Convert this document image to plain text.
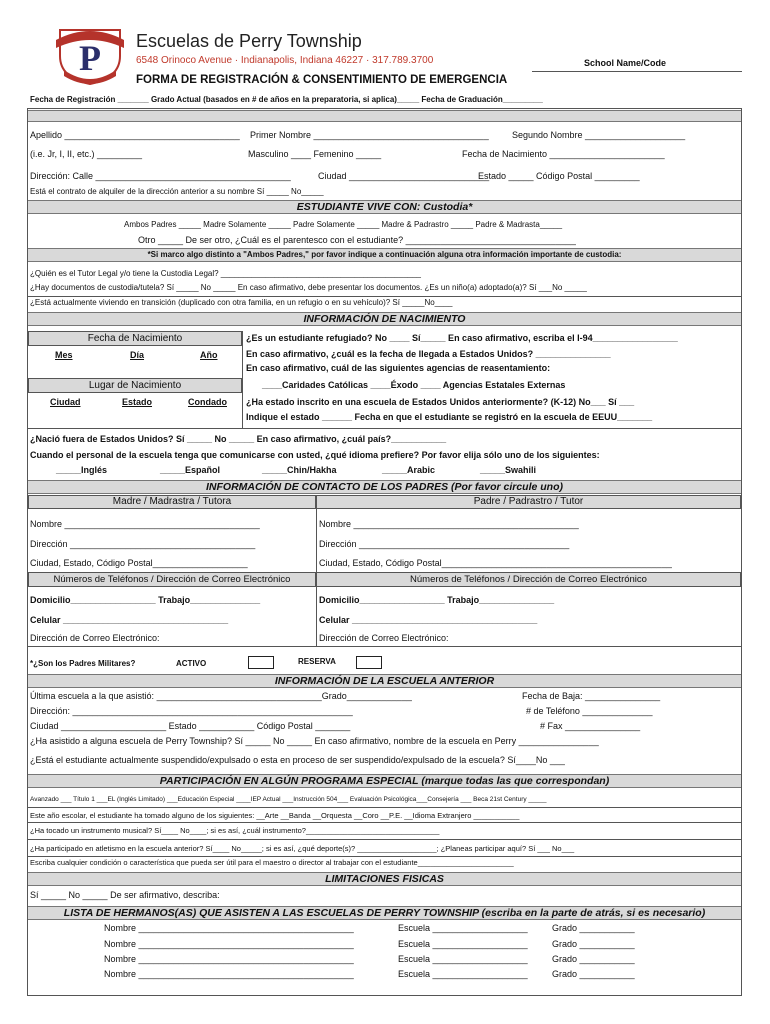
P Escuelas de Perry Township
6548 Orinoco Avenue · Indianapolis, Indiana 46227 · 317.789.3700	School Name/Code
FORMA DE REGISTRACIÓN & CONSENTIMIENTO DE EMERGENCIA
Fecha de Registración _______ Grado Actual (basados en # de años en la preparatoria, si aplica)_____ Fecha de Graduación_________
Apellido ___________________________________ Primer Nombre ___________________________________	Segundo Nombre ____________________
(i.e. Jr, I, II, etc.) _________	Masculino ____ Femenino _____	Fecha de Nacimiento _______________________
Dirección: Calle _______________________________________	Ciudad ____________________________
Estado _____ Código Postal _________
Está el contrato de alquiler de la dirección anterior a su nombre Sí _____ No_____
ESTUDIANTE VIVE CON: Custodia*
Ambos Padres _____ Madre Solamente _____ Padre Solamente _____ Madre & Padrastro _____ Padre & Madrasta_____
Otro _____ De ser otro, ¿Cuál es el parentesco con el estudiante? __________________________________
*Si marco algo distinto a "Ambos Padres," por favor indique a continuación alguna otra información importante de custodia:
¿Quién es el Tutor Legal y/o tiene la Custodia Legal? _____________________________________________
¿Hay documentos de custodia/tutela? Sí _____ No _____ En caso afirmativo, debe presentar los documentos. ¿Es un niño(a) adoptado(a)? Sí ___No _____
¿Está actualmente viviendo en transición (duplicado con otra familia, en un refugio o en su vehículo)? Sí _____No____
INFORMACIÓN DE NACIMIENTO
Fecha de Nacimiento
Mes	Día	Año
Lugar de Nacimiento
Ciudad	Estado	Condado
¿Es un estudiante refugiado? No ____ Sí_____ En caso afirmativo, escriba el I-94_________________
En caso afirmativo, ¿cuál es la fecha de llegada a Estados Unidos? _______________
En caso afirmativo, cuál de las siguientes agencias de reasentamiento:
____Caridades Católicas ____Éxodo ____ Agencias Estatales Externas
¿Ha estado inscrito en una escuela de Estados Unidos anteriormente? (K-12) No___ Sí ___
Indique el estado ______ Fecha en que el estudiante se registró en la escuela de EEUU_______
¿Nació fuera de Estados Unidos? Sí _____ No _____ En caso afirmativo, ¿cuál país?___________
Cuando el personal de la escuela tenga que comunicarse con usted, ¿qué idioma prefiere? Por favor elija sólo uno de los siguientes:
_____Inglés	_____Español	_____Chin/Hakha	_____Arabic	_____Swahili
INFORMACIÓN DE CONTACTO DE LOS PADRES (Por favor circule uno)
Madre / Madrastra / Tutora	Padre / Padrastro / Tutor
Nombre _______________________________________	Nombre _____________________________________________
Dirección _____________________________________	Dirección __________________________________________
Ciudad, Estado, Código Postal___________________	Ciudad, Estado, Código Postal______________________________________________
Números de Teléfonos / Dirección de Correo Electrónico	Números de Teléfonos / Dirección de Correo Electrónico
Domicilio_________________ Trabajo______________	Domicilio_________________ Trabajo_______________
Celular _________________________________	Celular _____________________________________
Dirección de Correo Electrónico:	Dirección de Correo Electrónico:
*¿Son los Padres Militares?	ACTIVO	RESERVA
INFORMACIÓN DE LA ESCUELA ANTERIOR
Última escuela a la que asistió: _________________________________Grado_____________	Fecha de Baja: _______________
Dirección: ________________________________________________________	# de Teléfono ______________
Ciudad _____________________ Estado ___________ Código Postal _______	# Fax _______________
¿Ha asistido a alguna escuela de Perry Township? Sí _____ No _____ En caso afirmativo, nombre de la escuela en Perry ________________
¿Está el estudiante actualmente suspendido/expulsado o esta en proceso de ser suspendido/expulsado de la escuela? Sí____No ___
PARTICIPACIÓN EN ALGÚN PROGRAMA ESPECIAL (marque todas las que correspondan)
Avanzado ___ Título 1 ___EL (Inglés Limitado) ___Educación Especial ____IEP Actual ___Instrucción 504___ Evaluación Psicológica___Consejería ___ Beca 21st Century _____
Este año escolar, el estudiante ha tomado alguno de los siguientes: __Arte __Banda __Orquesta __Coro __P.E. __Idioma Extranjero ___________
¿Ha tocado un instrumento musical? Sí____ No____; si es así, ¿cuál instrumento?________________________________
¿Ha participado en atletismo en la escuela anterior? Sí____ No_____; si es así, ¿qué deporte(s)? ___________________; ¿Planeas participar aquí? Sí ___ No___
Escriba cualquier condición o característica que pueda ser útil para el maestro o director al trabajar con el estudiante_______________________
LIMITACIONES FISICAS
Sí _____ No _____ De ser afirmativo, describa:
LISTA DE HERMANOS(AS) QUE ASISTEN A LAS ESCUELAS DE PERRY TOWNSHIP (escriba en la parte de atrás, si es necesario)
Nombre ___________________________________________	Escuela ___________________	Grado ___________
Nombre ___________________________________________	Escuela ___________________	Grado ___________
Nombre ___________________________________________	Escuela ___________________	Grado ___________
Nombre ___________________________________________	Escuela ___________________	Grado ___________
